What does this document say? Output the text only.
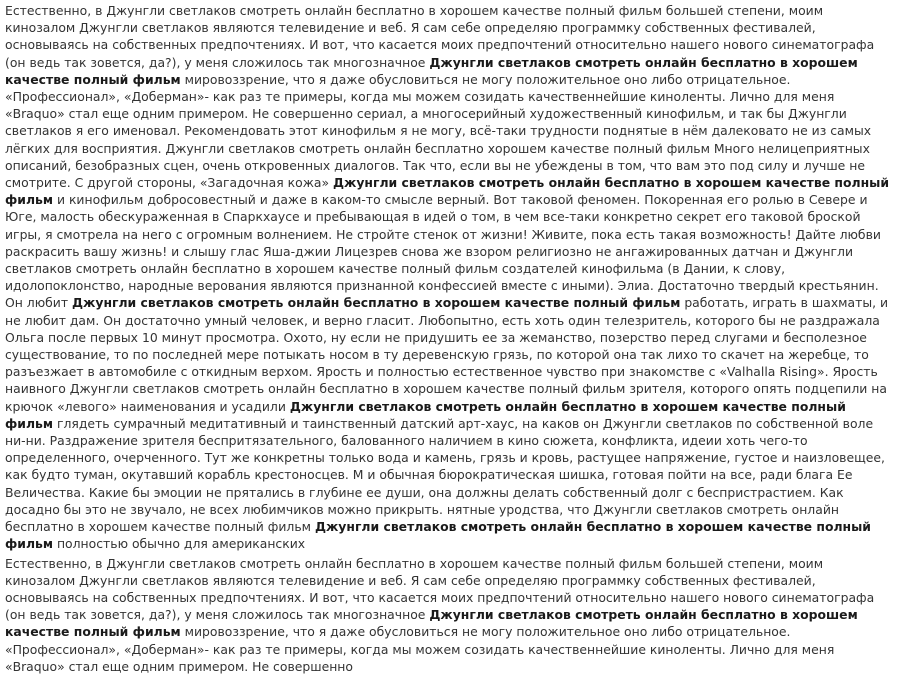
Естественно, в Джунгли светлаков смотреть онлайн бесплатно в хорошем качестве полный фильм большей степени, моим кинозалом Джунгли светлаков являются телевидение и веб. Я сам себе определяю программку собственных фестивалей, основываясь на собственных предпочтениях. И вот, что касается моих предпочтений относительно нашего нового синематографа (он ведь так зовется, да?), у меня сложилось так многозначное Джунгли светлаков смотреть онлайн бесплатно в хорошем качестве полный фильм мировоззрение, что я даже обусловиться не могу положительное оно либо отрицательное. «Профессионал», «Доберман»- как раз те примеры, когда мы можем созидать качественнейшие киноленты. Лично для меня «Braquo» стал еще одним примером. Не совершенно сериал, а многосерийный художественный кинофильм, и так бы Джунгли светлаков я его именовал. Рекомендовать этот кинофильм я не могу, всё-таки трудности поднятые в нём далековато не из самых лёгких для восприятия. Джунгли светлаков смотреть онлайн бесплатно хорошем качестве полный фильм Много нелицеприятных описаний, безобразных сцен, очень откровенных диалогов. Так что, если вы не убеждены в том, что вам это под силу и лучше не смотрите. С другой стороны, «Загадочная кожа» Джунгли светлаков смотреть онлайн бесплатно в хорошем качестве полный фильм и кинофильм добросовестный и даже в каком-то смысле верный. Вот таковой феномен. Покоренная его ролью в Севере и Юге, малость обескураженная в Спаркхаусе и пребывающая в идей о том, в чем все-таки конкретно секрет его таковой броской игры, я смотрела на него с огромным волнением. Не стройте стенок от жизни! Живите, пока есть такая возможность! Дайте любви раскрасить вашу жизнь! и слышу глас Яша-джии Лицезрев снова же взором религиозно не ангажированных датчан и Джунгли светлаков смотреть онлайн бесплатно в хорошем качестве полный фильм создателей кинофильма (в Дании, к слову, идолопоклонство, народные верования являются признанной конфессией вместе с иными). Элиа. Достаточно твердый крестьянин. Он любит Джунгли светлаков смотреть онлайн бесплатно в хорошем качестве полный фильм работать, играть в шахматы, и не любит дам. Он достаточно умный человек, и верно гласит. Любопытно, есть хоть один телезритель, которого бы не раздражала Ольга после первых 10 минут просмотра. Охото, ну если не придушить ее за жеманство, позерство перед слугами и бесполезное существование, то по последней мере потыкать носом в ту деревенскую грязь, по которой она так лихо то скачет на жеребце, то разъезжает в автомобиле с откидным верхом. Ярость и полностью естественное чувство при знакомстве с «Valhalla Rising». Ярость наивного Джунгли светлаков смотреть онлайн бесплатно в хорошем качестве полный фильм зрителя, которого опять подцепили на крючок «левого» наименования и усадили Джунгли светлаков смотреть онлайн бесплатно в хорошем качестве полный фильм глядеть сумрачный медитативный и таинственный датский арт-хаус, на каков он Джунгли светлаков по собственной воле ни-ни. Раздражение зрителя беспритязательного, балованного наличием в кино сюжета, конфликта, идеии хоть чего-то определенного, очерченного. Тут же конкретны только вода и камень, грязь и кровь, растущее напряжение, густое и наизловещее, как будто туман, окутавший корабль крестоносцев. М и обычная бюрократическая шишка, готовая пойти на все, ради блага Ее Величества. Какие бы эмоции не прятались в глубине ее души, она должны делать собственный долг с беспристрастием. Как досадно бы это не звучало, не всех любимчиков можно прикрыть. нятные уродства, что Джунгли светлаков смотреть онлайн бесплатно в хорошем качестве полный фильм Джунгли светлаков смотреть онлайн бесплатно в хорошем качестве полный фильм полностью обычно для американских

Естественно, в Джунгли светлаков смотреть онлайн бесплатно в хорошем качестве полный фильм большей степени, моим кинозалом Джунгли светлаков являются телевидение и веб. Я сам себе определяю программку собственных фестивалей, основываясь на собственных предпочтениях. И вот, что касается моих предпочтений относительно нашего нового синематографа (он ведь так зовется, да?), у меня сложилось так многозначное Джунгли светлаков смотреть онлайн бесплатно в хорошем качестве полный фильм мировоззрение, что я даже обусловиться не могу положительное оно либо отрицательное. «Профессионал», «Доберман»- как раз те примеры, когда мы можем созидать качественнейшие киноленты. Лично для меня «Braquo» стал еще одним примером. Не совершенно
